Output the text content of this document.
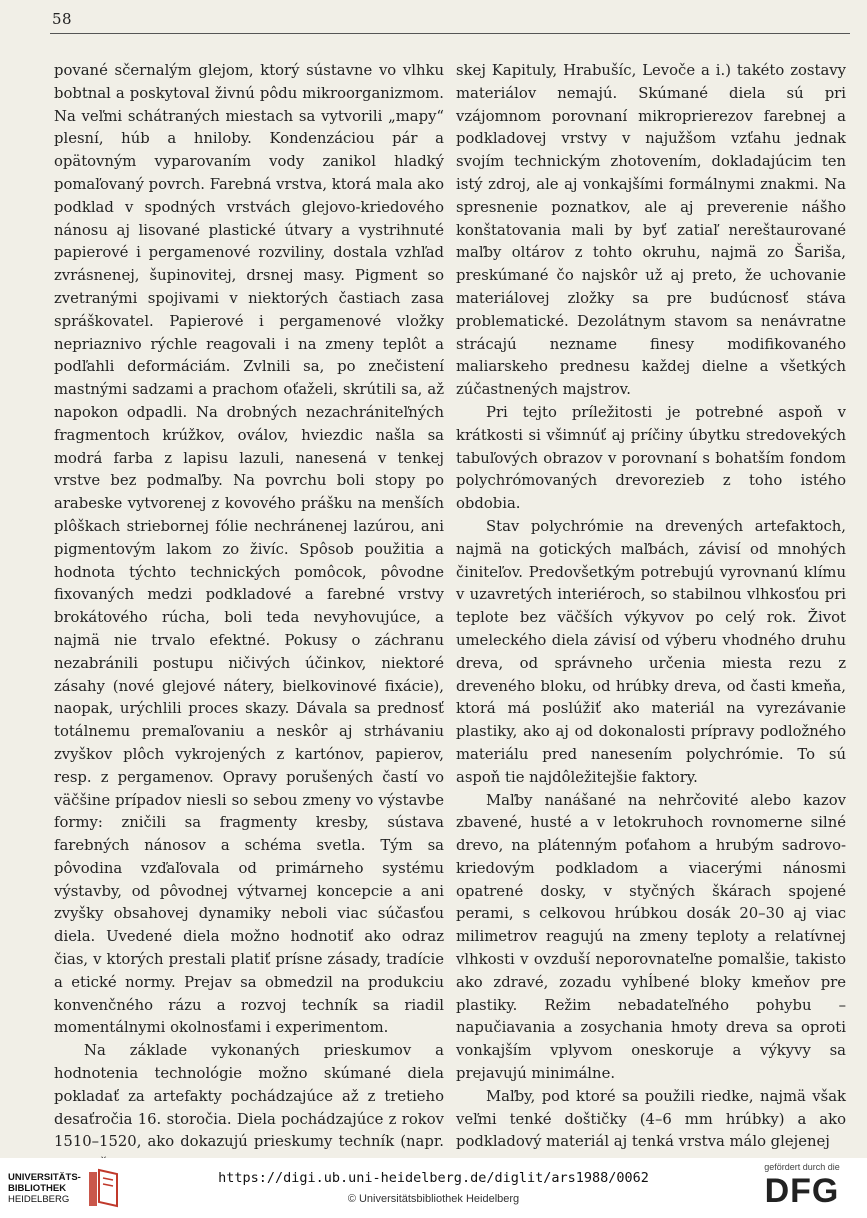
58

pované sčernalým glejom, ktorý sústavne vo vlhku bobtnal a poskytoval živnú pôdu mikroorganizmom. Na veľmi schátraných miestach sa vytvorili „mapy“ plesní, húb a hniloby. Kondenzáciou pár a opätovným vyparovaním vody zanikol hladký pomaľovaný povrch. Farebná vrstva, ktorá mala ako podklad v spodných vrstvách glejovo-kriedového nánosu aj lisované plastické útvary a vystrihnuté papierové i pergamenové rozviliny, dostala vzhľad zvrásnenej, šupinovitej, drsnej masy. Pigment so zvetranými spojivami v niektorých častiach zasa spráškovatel. Papierové i pergamenové vložky nepriaznivo rýchle reagovali i na zmeny teplôt a podľahli deformáciám. Zvlnili sa, po znečistení mastnými sadzami a prachom oťaželi, skrútili sa, až napokon odpadli. Na drobných nezachrániteľných fragmentoch krúžkov, oválov, hviezdic našla sa modrá farba z lapisu lazuli, nanesená v tenkej vrstve bez podmaľby. Na povrchu boli stopy po arabeske vytvorenej z kovového prášku na menších plôškach striebornej fólie nechránenej lazúrou, ani pigmentovým lakom zo živíc. Spôsob použitia a hodnota týchto technických pomôcok, pôvodne fixovaných medzi podkladové a farebné vrstvy brokátového rúcha, boli teda nevyhovujúce, a najmä nie trvalo efektné. Pokusy o záchranu nezabránili postupu ničivých účinkov, niektoré zásahy (nové glejové nátery, bielkovinové fixácie), naopak, urýchlili proces skazy. Dávala sa prednosť totálnemu premaľovaniu a neskôr aj strhávaniu zvyškov plôch vykrojených z kartónov, papierov, resp. z pergamenov. Opravy porušených častí vo väčšine prípadov niesli so sebou zmeny vo výstavbe formy: zničili sa fragmenty kresby, sústava farebných nánosov a schéma svetla. Tým sa pôvodina vzďaľovala od primárneho systému výstavby, od pôvodnej výtvarnej koncepcie a ani zvyšky obsahovej dynamiky neboli viac súčasťou diela. Uvedené diela možno hodnotiť ako odraz čias, v ktorých prestali platiť prísne zásady, tradície a etické normy. Prejav sa obmedzil na produkciu konvenčného rázu a rozvoj techník sa riadil momentálnymi okolnosťami i experimentom.

Na základe vykonaných prieskumov a hodnotenia technológie možno skúmané diela pokladať za artefakty pochádzajúce až z tretieho desaťročia 16. storočia. Diela pochádzajúce z rokov 1510–1520, ako dokazujú prieskumy techník (napr.

skej Kapituly, Hrabušíc, Levoče a i.) takéto zostavy materiálov nemajú. Skúmané diela sú pri vzájomnom porovnaní mikroprierezov farebnej a podkladovej vrstvy v najužšom vzťahu jednak svojím technickým zhotovením, dokladajúcim ten istý zdroj, ale aj vonkajšími formálnymi znakmi. Na spresnenie poznatkov, ale aj preverenie nášho konštatovania mali by byť zatiaľ nereštaurované maľby oltárov z tohto okruhu, najmä zo Šariša, preskúmané čo najskôr už aj preto, že uchovanie materiálovej zložky sa pre budúcnosť stáva problematické. Dezolátnym stavom sa nenávratne strácajú nezname finesy modifikovaného maliarskeho prednesu každej dielne a všetkých zúčastnených majstrov.

Pri tejto príležitosti je potrebné aspoň v krátkosti si všimnúť aj príčiny úbytku stredovekých tabuľových obrazov v porovnaní s bohatším fondom polychrómovaných drevorezieb z toho istého obdobia.

Stav polychrómie na drevených artefaktoch, najmä na gotických maľbách, závisí od mnohých činiteľov. Predovšetkým potrebujú vyrovnanú klímu v uzavretých interiéroch, so stabilnou vlhkosťou pri teplote bez väčších výkyvov po celý rok. Život umeleckého diela závisí od výberu vhodného druhu dreva, od správneho určenia miesta rezu z dreveného bloku, od hrúbky dreva, od časti kmeňa, ktorá má poslúžiť ako materiál na vyrezávanie plastiky, ako aj od dokonalosti prípravy podložného materiálu pred nanesením polychrómie. To sú aspoň tie najdôležitejšie faktory.

Maľby nanášané na nehrčovité alebo kazov zbavené, husté a v letokruhoch rovnomerne silné drevo, na plátenným poťahom a hrubým sadrovo-kriedovým podkladom a viacerými nánosmi opatrené dosky, v styčných škárach spojené perami, s celkovou hrúbkou dosák 20–30 aj viac milimetrov reagujú na zmeny teploty a relatívnej vlhkosti v ovzduší neporovnateľne pomalšie, takisto ako zdravé, zozadu vyhĺbené bloky kmeňov pre plastiky. Režim nebadateľného pohybu – napučiavania a zosychania hmoty dreva sa oproti vonkajším vplyvom oneskoruje a výkyvy sa prejavujú minimálne.

Maľby, pod ktoré sa použili riedke, najmä však veľmi tenké doštičky (4–6 mm hrúbky) a ako podkladový materiál aj tenká vrstva málo glejenej

UNIVERSITÄTS-
BIBLIOTHEK
HEIDELBERG
https://digi.ub.uni-heidelberg.de/diglit/ars1988/0062
© Universitätsbibliothek Heidelberg
gefördert durch die
DFG
